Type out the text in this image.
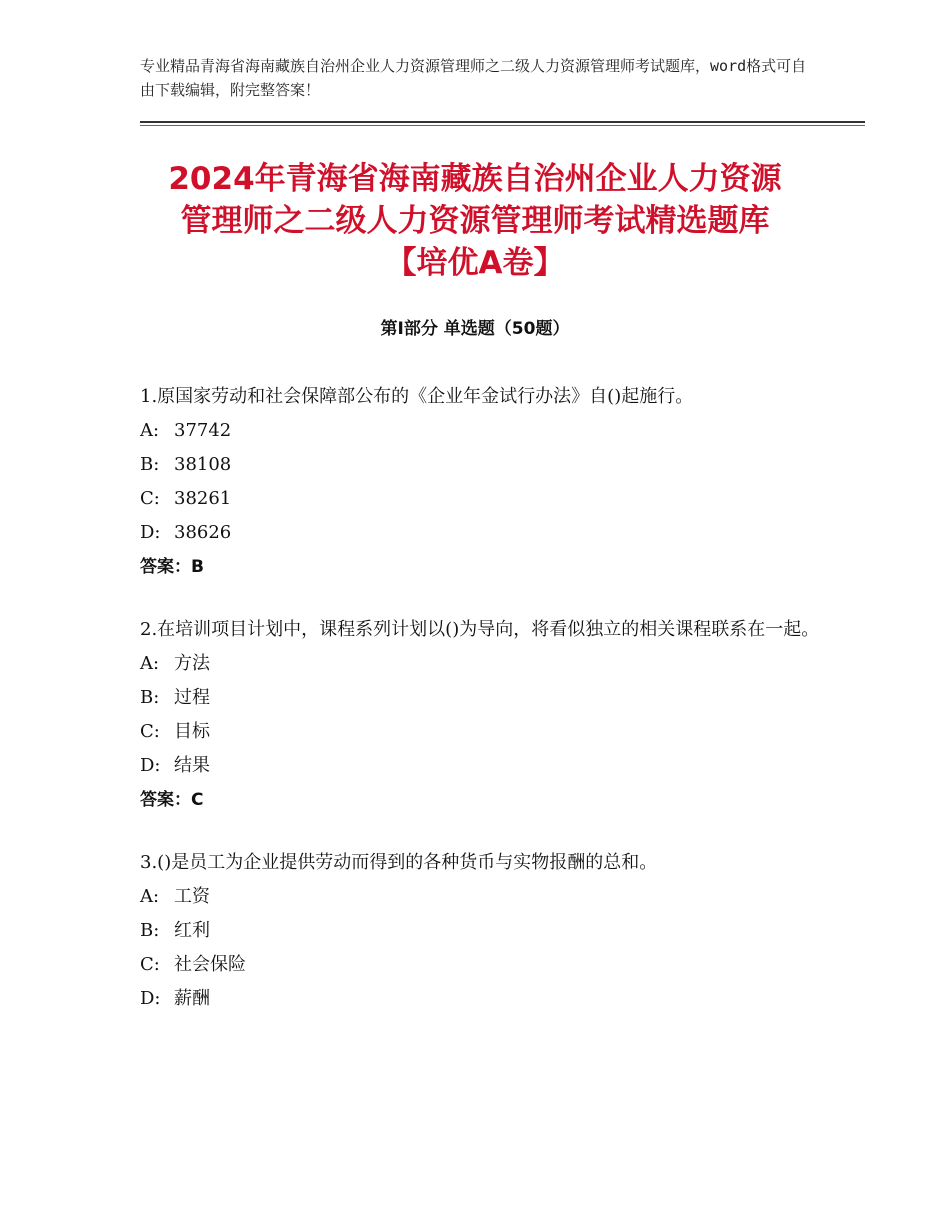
专业精品青海省海南藏族自治州企业人力资源管理师之二级人力资源管理师考试题库，word格式可自由下载编辑，附完整答案！
2024年青海省海南藏族自治州企业人力资源
管理师之二级人力资源管理师考试精选题库
【培优A卷】
第Ⅰ部分 单选题（50题）

1.原国家劳动和社会保障部公布的《企业年金试行办法》自()起施行。

A: 37742
B: 38108
C: 38261
D: 38626
答案：B

2.在培训项目计划中，课程系列计划以()为导向，将看似独立的相关课程联系在一起。

A: 方法
B: 过程
C: 目标
D: 结果
答案：C

3.()是员工为企业提供劳动而得到的各种货币与实物报酬的总和。

A: 工资
B: 红利
C: 社会保险
D: 薪酬
